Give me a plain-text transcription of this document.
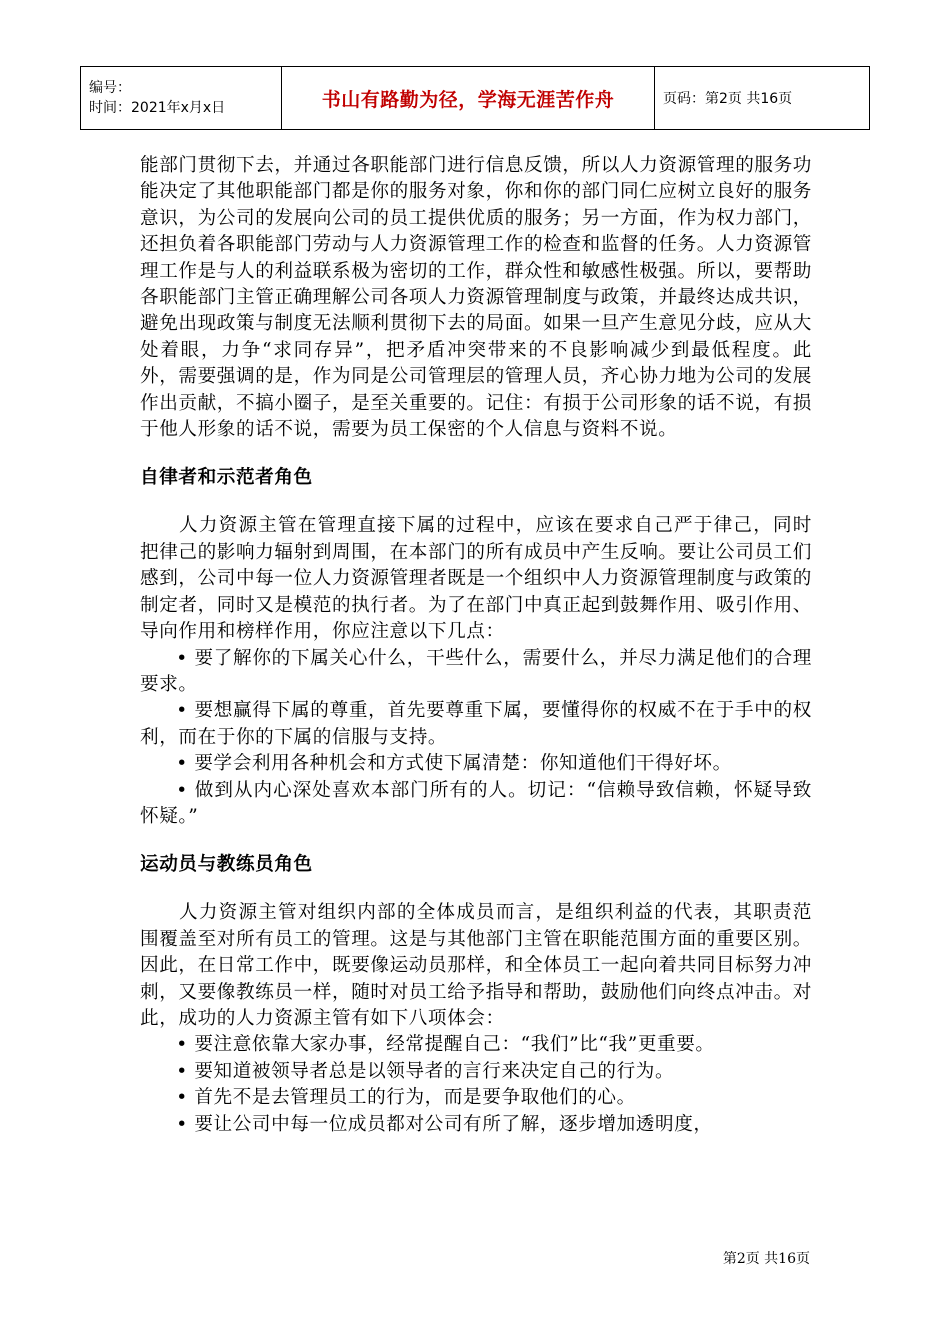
编号：
时间：2021年x月x日	书山有路勤为径，学海无涯苦作舟	页码：第2页 共16页

能部门贯彻下去，并通过各职能部门进行信息反馈，所以人力资源管理的服务功能决定了其他职能部门都是你的服务对象，你和你的部门同仁应树立良好的服务意识，为公司的发展向公司的员工提供优质的服务；另一方面，作为权力部门，还担负着各职能部门劳动与人力资源管理工作的检查和监督的任务。人力资源管理工作是与人的利益联系极为密切的工作，群众性和敏感性极强。所以，要帮助各职能部门主管正确理解公司各项人力资源管理制度与政策，并最终达成共识，避免出现政策与制度无法顺利贯彻下去的局面。如果一旦产生意见分歧，应从大处着眼，力争“求同存异”，把矛盾冲突带来的不良影响减少到最低程度。此外，需要强调的是，作为同是公司管理层的管理人员，齐心协力地为公司的发展作出贡献，不搞小圈子，是至关重要的。记住：有损于公司形象的话不说，有损于他人形象的话不说，需要为员工保密的个人信息与资料不说。

自律者和示范者角色

人力资源主管在管理直接下属的过程中，应该在要求自己严于律己，同时把律己的影响力辐射到周围，在本部门的所有成员中产生反响。要让公司员工们感到，公司中每一位人力资源管理者既是一个组织中人力资源管理制度与政策的制定者，同时又是模范的执行者。为了在部门中真正起到鼓舞作用、吸引作用、导向作用和榜样作用，你应注意以下几点：

• 要了解你的下属关心什么，干些什么，需要什么，并尽力满足他们的合理要求。

• 要想赢得下属的尊重，首先要尊重下属，要懂得你的权威不在于手中的权利，而在于你的下属的信服与支持。

• 要学会利用各种机会和方式使下属清楚：你知道他们干得好坏。

• 做到从内心深处喜欢本部门所有的人。切记：“信赖导致信赖，怀疑导致怀疑。”

运动员与教练员角色

人力资源主管对组织内部的全体成员而言，是组织利益的代表，其职责范围覆盖至对所有员工的管理。这是与其他部门主管在职能范围方面的重要区别。因此，在日常工作中，既要像运动员那样，和全体员工一起向着共同目标努力冲刺，又要像教练员一样，随时对员工给予指导和帮助，鼓励他们向终点冲击。对此，成功的人力资源主管有如下八项体会：

• 要注意依靠大家办事，经常提醒自己：“我们”比“我”更重要。

• 要知道被领导者总是以领导者的言行来决定自己的行为。

• 首先不是去管理员工的行为，而是要争取他们的心。

• 要让公司中每一位成员都对公司有所了解，逐步增加透明度，

第2页 共16页
